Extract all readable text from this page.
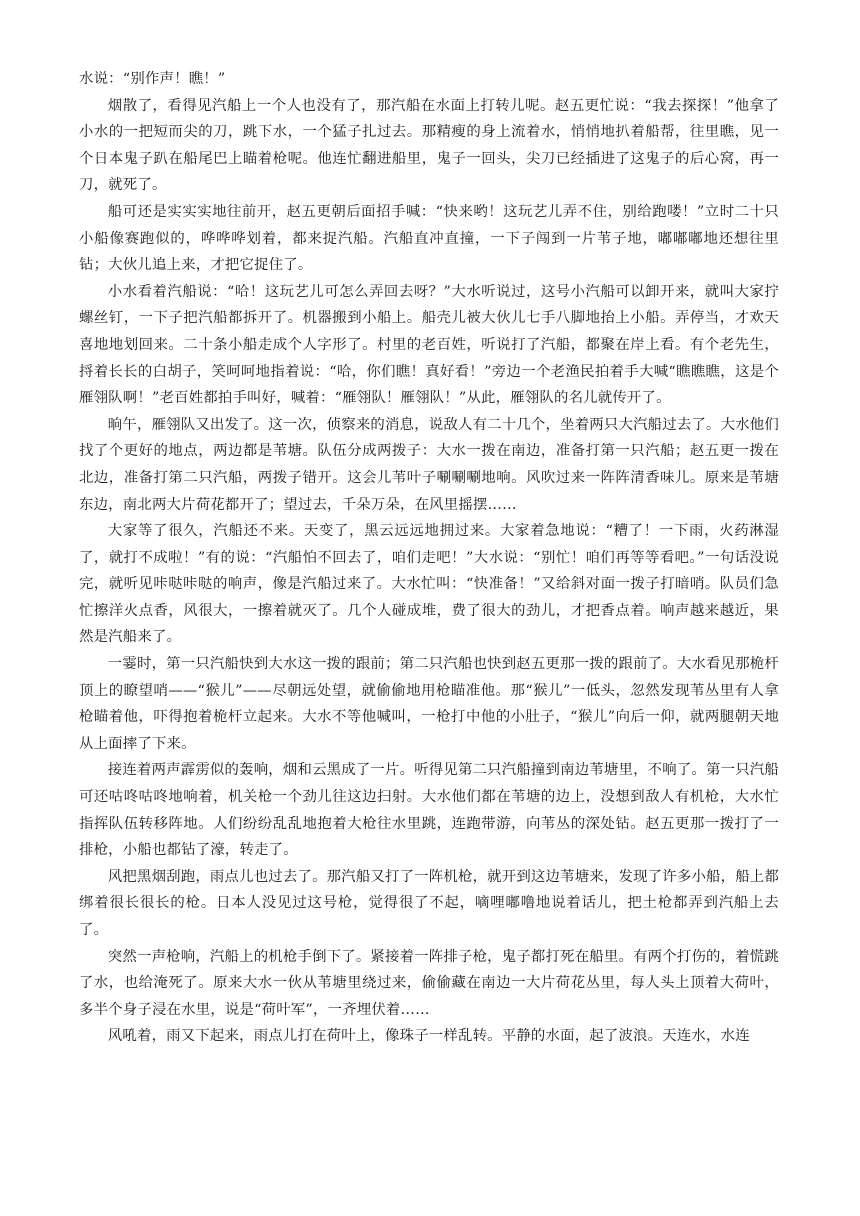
水说：“别作声！瞧！”

烟散了，看得见汽船上一个人也没有了，那汽船在水面上打转儿呢。赵五更忙说：“我去探探！”他拿了小水的一把短而尖的刀，跳下水，一个猛子扎过去。那精瘦的身上流着水，悄悄地扒着船帮，往里瞧，见一个日本鬼子趴在船尾巴上瞄着枪呢。他连忙翻进船里，鬼子一回头，尖刀已经插进了这鬼子的后心窝，再一刀，就死了。

船可还是实实实地往前开，赵五更朝后面招手喊：“快来哟！这玩艺儿弄不住，别给跑喽！”立时二十只小船像赛跑似的，哗哗哗划着，都来捉汽船。汽船直冲直撞，一下子闯到一片苇子地，嘟嘟嘟地还想往里钻；大伙儿追上来，才把它捉住了。

小水看着汽船说：“哈！这玩艺儿可怎么弄回去呀？”大水听说过，这号小汽船可以卸开来，就叫大家拧螺丝钉，一下子把汽船都拆开了。机器搬到小船上。船壳儿被大伙儿七手八脚地抬上小船。弄停当，才欢天喜地地划回来。二十条小船走成个人字形了。村里的老百姓，听说打了汽船，都聚在岸上看。有个老先生，捋着长长的白胡子，笑呵呵地指着说：“哈，你们瞧！真好看！”旁边一个老渔民拍着手大喊“瞧瞧瞧，这是个雁翎队啊！”老百姓都拍手叫好，喊着：“雁翎队！雁翎队！”从此，雁翎队的名儿就传开了。

晌午，雁翎队又出发了。这一次，侦察来的消息，说敌人有二十几个，坐着两只大汽船过去了。大水他们找了个更好的地点，两边都是苇塘。队伍分成两拨子：大水一拨在南边，准备打第一只汽船；赵五更一拨在北边，准备打第二只汽船，两拨子错开。这会儿苇叶子唰唰唰地响。风吹过来一阵阵清香味儿。原来是苇塘东边，南北两大片荷花都开了；望过去，千朵万朵，在风里摇摆……

大家等了很久，汽船还不来。天变了，黑云远远地拥过来。大家着急地说：“糟了！一下雨，火药淋湿了，就打不成啦！”有的说：“汽船怕不回去了，咱们走吧！”大水说：“别忙！咱们再等等看吧。”一句话没说完，就听见咔哒咔哒的响声，像是汽船过来了。大水忙叫：“快准备！”又给斜对面一拨子打暗哨。队员们急忙擦洋火点香，风很大，一擦着就灭了。几个人碰成堆，费了很大的劲儿，才把香点着。响声越来越近，果然是汽船来了。

一霎时，第一只汽船快到大水这一拨的跟前；第二只汽船也快到赵五更那一拨的跟前了。大水看见那桅杆顶上的瞭望哨——“猴儿”——尽朝远处望，就偷偷地用枪瞄准他。那“猴儿”一低头，忽然发现苇丛里有人拿枪瞄着他，吓得抱着桅杆立起来。大水不等他喊叫，一枪打中他的小肚子，“猴儿”向后一仰，就两腿朝天地从上面摔了下来。

接连着两声霹雳似的轰响，烟和云黑成了一片。听得见第二只汽船撞到南边苇塘里，不响了。第一只汽船可还咕咚咕咚地响着，机关枪一个劲儿往这边扫射。大水他们都在苇塘的边上，没想到敌人有机枪，大水忙指挥队伍转移阵地。人们纷纷乱乱地抱着大枪往水里跳，连跑带游，向苇丛的深处钻。赵五更那一拨打了一排枪，小船也都钻了濠，转走了。

风把黑烟刮跑，雨点儿也过去了。那汽船又打了一阵机枪，就开到这边苇塘来，发现了许多小船，船上都绑着很长很长的枪。日本人没见过这号枪，觉得很了不起，嘀哩嘟噜地说着话儿，把土枪都弄到汽船上去了。

突然一声枪响，汽船上的机枪手倒下了。紧接着一阵排子枪，鬼子都打死在船里。有两个打伤的，着慌跳了水，也给淹死了。原来大水一伙从苇塘里绕过来，偷偷藏在南边一大片荷花丛里，每人头上顶着大荷叶，多半个身子浸在水里，说是“荷叶军”，一齐埋伏着……

风吼着，雨又下起来，雨点儿打在荷叶上，像珠子一样乱转。平静的水面，起了波浪。天连水，水连
